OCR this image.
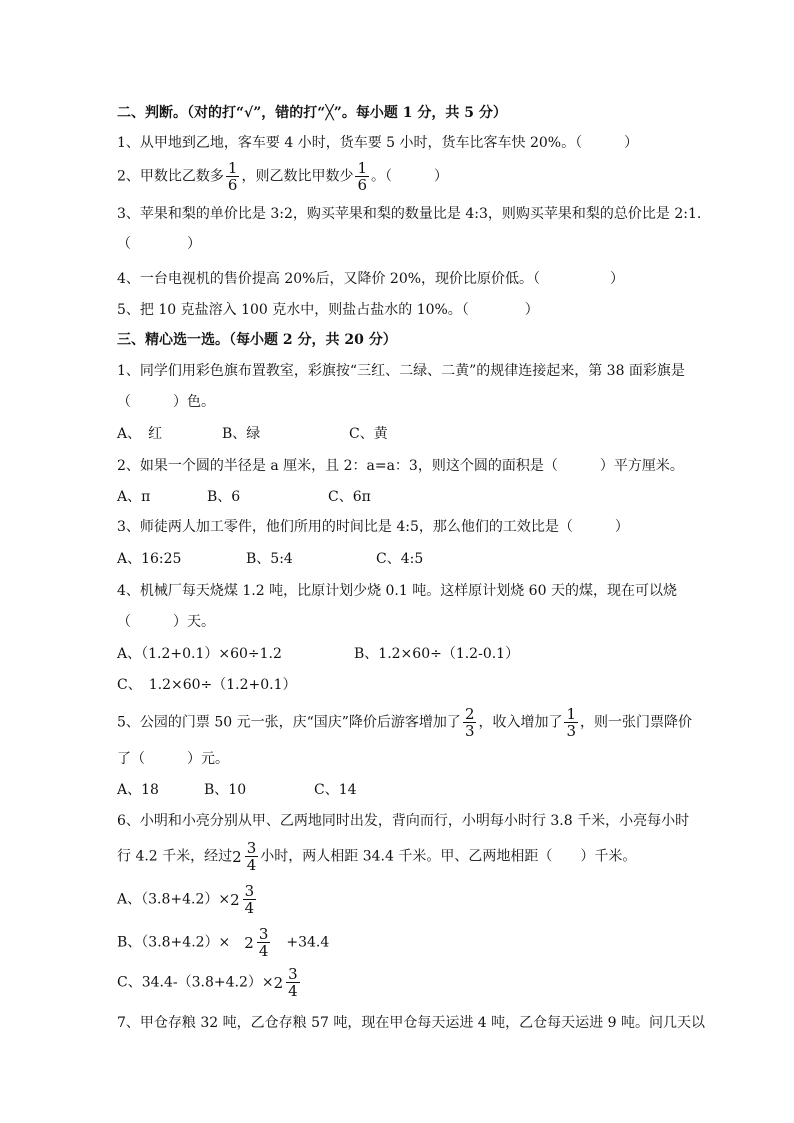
二、判断。（对的打“√”，错的打“╳”。每小题 1 分，共 5 分）
1、从甲地到乙地，客车要 4 小时，货车要 5 小时，货车比客车快 20%。（　　　）
2、甲数比乙数多 $\frac{1}{6}$ ，则乙数比甲数少 $\frac{1}{6}$ 。（　　　）
3、苹果和梨的单价比是 3:2，购买苹果和梨的数量比是 4:3，则购买苹果和梨的总价比是 2:1.
（　　　　）
4、一台电视机的售价提高 20%后，又降价 20%，现价比原价低。（　　　　　）
5、把 10 克盐溶入 100 克水中，则盐占盐水的 10%。（　　　　）
三、精心选一选。（每小题 2 分，共 20 分）
1、同学们用彩色旗布置教室，彩旗按“三红、二绿、二黄”的规律连接起来，第 38 面彩旗是
（　　　）色。
A、　红	B、绿	C、黄
2、如果一个圆的半径是 a 厘米，且 2：a=a：3，则这个圆的面积是（　　　）平方厘米。
A、π	B、6	C、6π
3、师徒两人加工零件，他们所用的时间比是 4:5，那么他们的工效比是（　　　）
A、16:25	B、5:4	C、4:5
4、机械厂每天烧煤 1.2 吨，比原计划少烧 0.1 吨。这样原计划烧 60 天的煤，现在可以烧
（　　　）天。
A、（1.2+0.1）×60÷1.2	B、1.2×60÷（1.2-0.1）
C、　1.2×60÷（1.2+0.1）
5、公园的门票 50 元一张，庆“国庆”降价后游客增加了 $\frac{2}{3}$ ，收入增加了 $\frac{1}{3}$ ，则一张门票降价
了（　　　）元。
A、18	B、10	C、14
6、小明和小亮分别从甲、乙两地同时出发，背向而行，小明每小时行 3.8 千米，小亮每小时
行 4.2 千米，经过 $2 \frac{3}{4}$ 小时，两人相距 34.4 千米。甲、乙两地相距（　　）千米。
A、$(3.8+4.2)\times 2 \frac{3}{4}$
B、（3.8+4.2）×　 $2 \frac{3}{4}$ 　+34.4
C、$34.4-(3.8+4.2)\times 2 \frac{3}{4}$
7、甲仓存粮 32 吨，乙仓存粮 57 吨，现在甲仓每天运进 4 吨，乙仓每天运进 9 吨。问几天以
